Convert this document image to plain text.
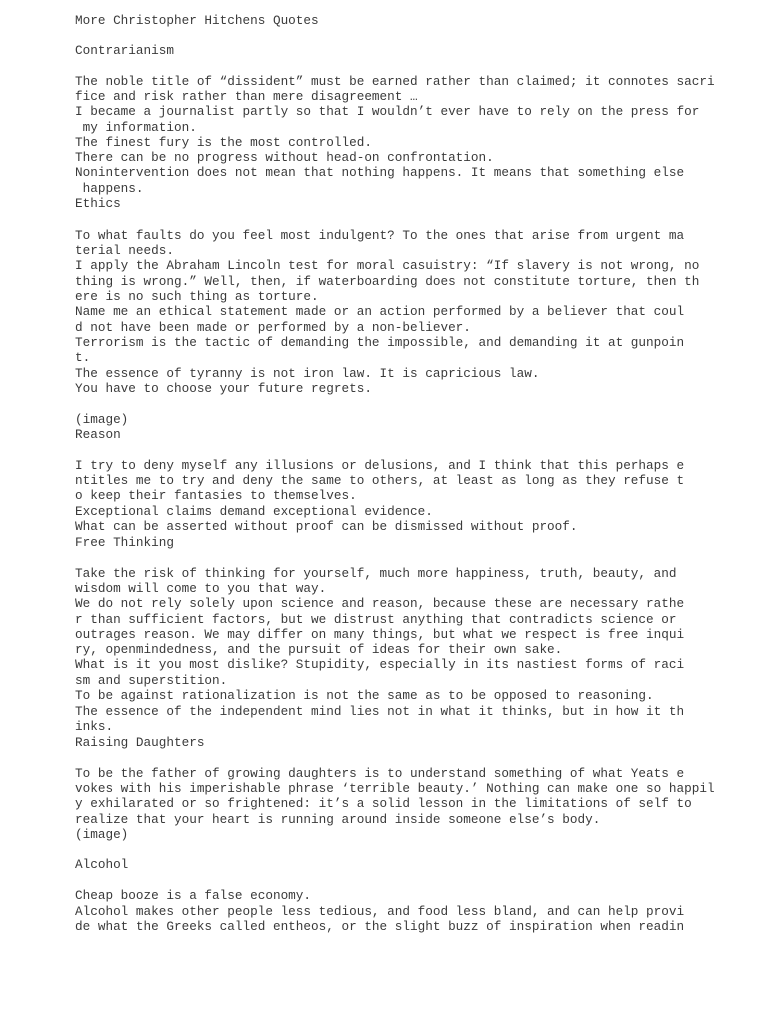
More Christopher Hitchens Quotes

Contrarianism

The noble title of “dissident” must be earned rather than claimed; it connotes sacri

fice and risk rather than mere disagreement …

I became a journalist partly so that I wouldn’t ever have to rely on the press for

my information.

The finest fury is the most controlled.

There can be no progress without head-on confrontation.

Nonintervention does not mean that nothing happens. It means that something else

happens.

Ethics

To what faults do you feel most indulgent? To the ones that arise from urgent ma

terial needs.

I apply the Abraham Lincoln test for moral casuistry: “If slavery is not wrong, no

thing is wrong.” Well, then, if waterboarding does not constitute torture, then th

ere is no such thing as torture.

Name me an ethical statement made or an action performed by a believer that coul

d not have been made or performed by a non-believer.

Terrorism is the tactic of demanding the impossible, and demanding it at gunpoin

t.

The essence of tyranny is not iron law. It is capricious law.

You have to choose your future regrets.

(image)

Reason

I try to deny myself any illusions or delusions, and I think that this perhaps e

ntitles me to try and deny the same to others, at least as long as they refuse t

o keep their fantasies to themselves.

Exceptional claims demand exceptional evidence.

What can be asserted without proof can be dismissed without proof.

Free Thinking

Take the risk of thinking for yourself, much more happiness, truth, beauty, and

wisdom will come to you that way.

We do not rely solely upon science and reason, because these are necessary rathe

r than sufficient factors, but we distrust anything that contradicts science or

outrages reason. We may differ on many things, but what we respect is free inqui

ry, openmindedness, and the pursuit of ideas for their own sake.

What is it you most dislike? Stupidity, especially in its nastiest forms of raci

sm and superstition.

To be against rationalization is not the same as to be opposed to reasoning.

The essence of the independent mind lies not in what it thinks, but in how it th

inks.

Raising Daughters

To be the father of growing daughters is to understand something of what Yeats e

vokes with his imperishable phrase ‘terrible beauty.’ Nothing can make one so happil

y exhilarated or so frightened: it’s a solid lesson in the limitations of self to

realize that your heart is running around inside someone else’s body.

(image)

Alcohol

Cheap booze is a false economy.

Alcohol makes other people less tedious, and food less bland, and can help provi

de what the Greeks called entheos, or the slight buzz of inspiration when readin
